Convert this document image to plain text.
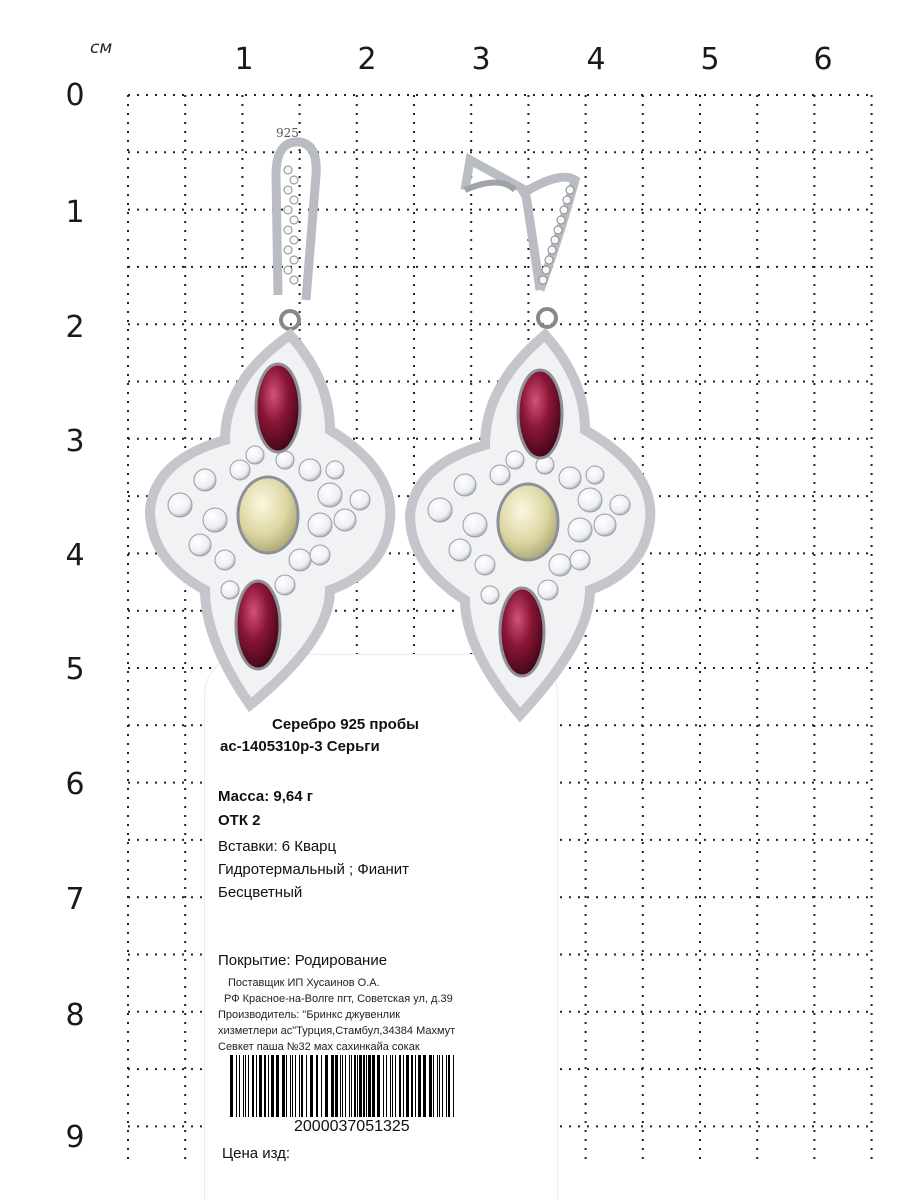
см	1	2	3	4	5	6
0
1
2
3
4
5
6
7
8
9
Серебро 925 пробы
ас-1405310р-3 Серьги
Масса: 9,64 г
ОТК 2
Вставки: 6 Кварц
Гидротермальный ; Фианит
Бесцветный
Покрытие: Родирование
Поставщик ИП Хусаинов О.А.
РФ Красное-на-Волге пгт, Советская ул, д.39
Производитель: "Бринкс джувенлик
хизметлери ас"Турция,Стамбул,34384 Махмут
Севкет паша №32 мах сахинкайа сокак
2000037051325
Цена изд:
925
